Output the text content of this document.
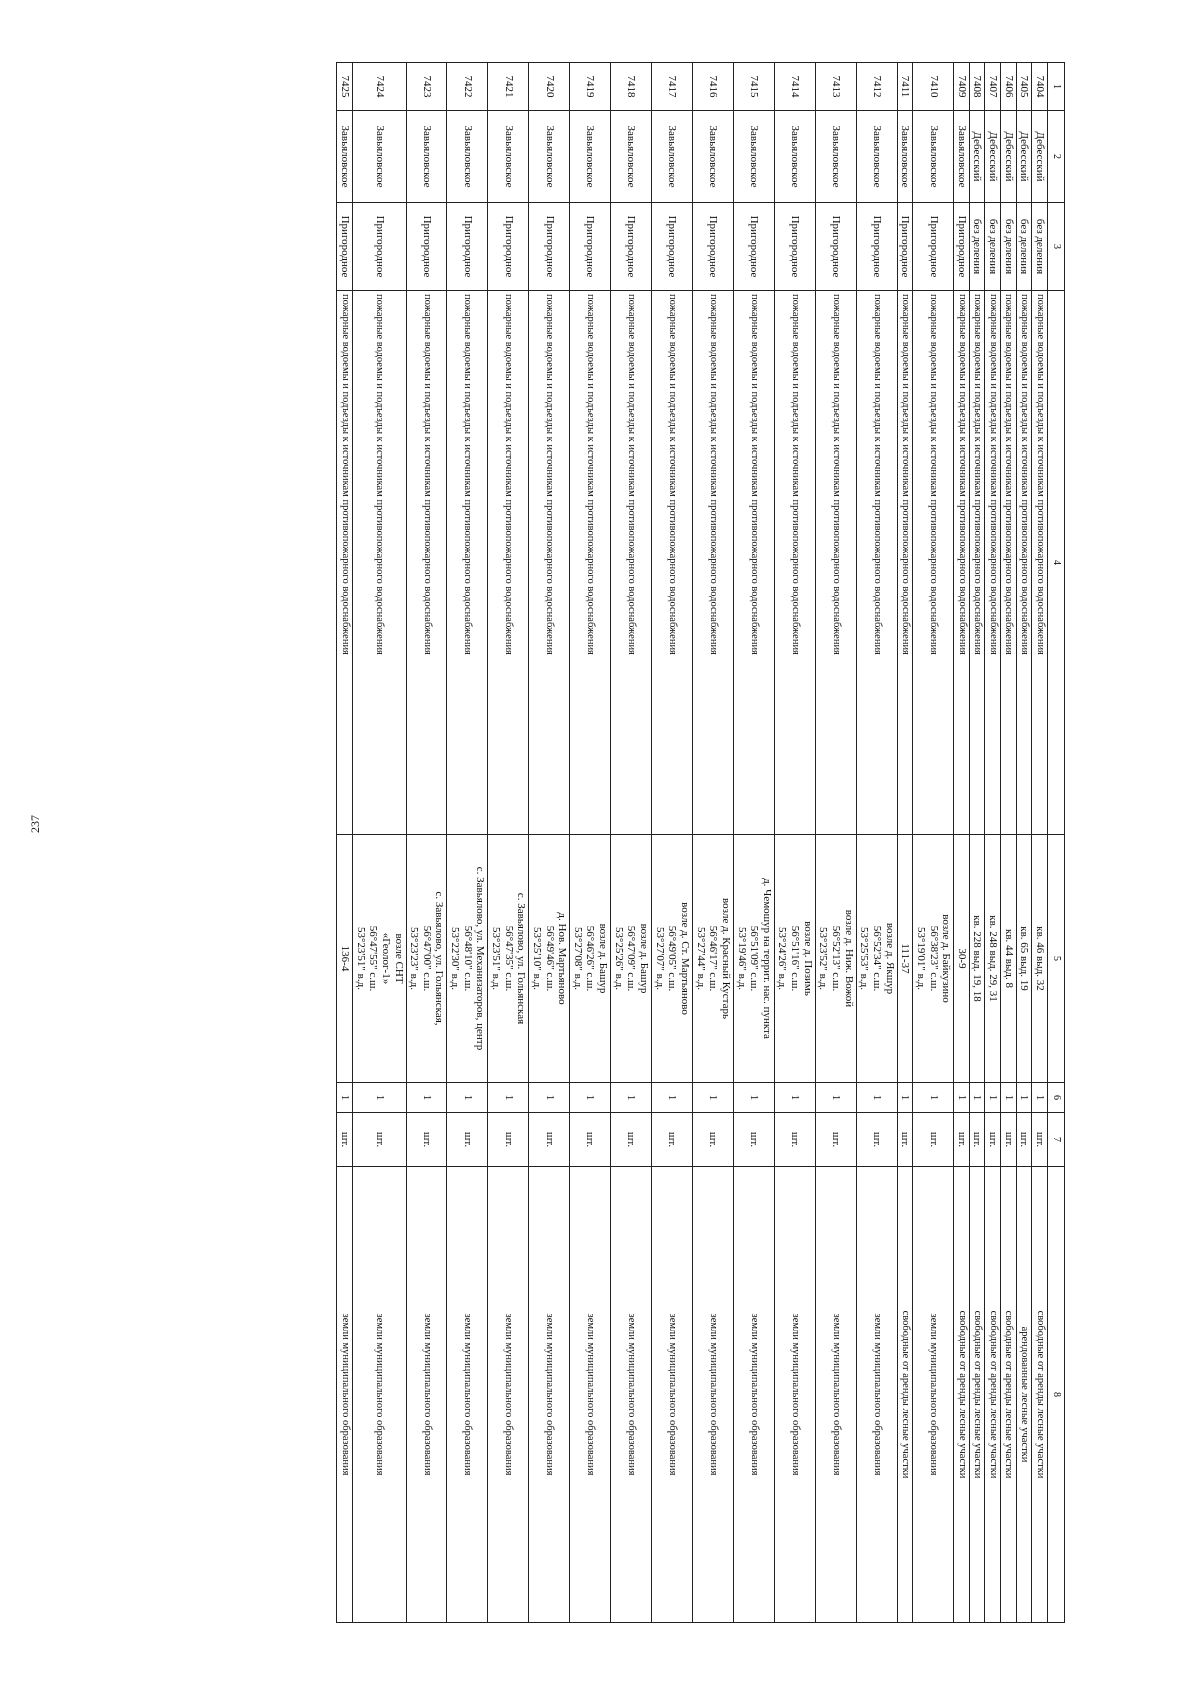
237
1	2	3	4	5	6	7	8
7404	Дебесский	без деления	пожарные водоемы и подъезды к источникам противопожарного водоснабжения	кв. 46 выд. 32	1	шт.	свободные от аренды лесные участки
7405	Дебесский	без деления	пожарные водоемы и подъезды к источникам противопожарного водоснабжения	кв. 65 выд. 19	1	шт.	арендованные лесные участки
7406	Дебесский	без деления	пожарные водоемы и подъезды к источникам противопожарного водоснабжения	кв. 44 выд. 8	1	шт.	свободные от аренды лесные участки
7407	Дебесский	без деления	пожарные водоемы и подъезды к источникам противопожарного водоснабжения	кв. 248 выд. 29, 31	1	шт.	свободные от аренды лесные участки
7408	Дебесский	без деления	пожарные водоемы и подъезды к источникам противопожарного водоснабжения	кв. 228 выд. 19, 18	1	шт.	свободные от аренды лесные участки
7409	Завьяловское	Пригородное	пожарные водоемы и подъезды к источникам противопожарного водоснабжения	30-9	1	шт.	свободные от аренды лесные участки
7410	Завьяловское	Пригородное	пожарные водоемы и подъезды к источникам противопожарного водоснабжения	возле д. Байкузино
56°38'23" с.ш.
53°19'01" в.д.	1	шт.	земли муниципального образования
7411	Завьяловское	Пригородное	пожарные водоемы и подъезды к источникам противопожарного водоснабжения	111-37	1	шт.	свободные от аренды лесные участки
7412	Завьяловское	Пригородное	пожарные водоемы и подъезды к источникам противопожарного водоснабжения	возле д. Якшур
56°52'34" с.ш.
53°25'53" в.д.	1	шт.	земли муниципального образования
7413	Завьяловское	Пригородное	пожарные водоемы и подъезды к источникам противопожарного водоснабжения	возле д. Ниж. Вожой
56°52'13" с.ш.
53°23'52" в.д.	1	шт.	земли муниципального образования
7414	Завьяловское	Пригородное	пожарные водоемы и подъезды к источникам противопожарного водоснабжения	возле д. Позимь
56°51'16" с.ш.
53°24'26" в.д.	1	шт.	земли муниципального образования
7415	Завьяловское	Пригородное	пожарные водоемы и подъезды к источникам противопожарного водоснабжения	д. Чемошур на террит. нас. пункта
56°51'09" с.ш.
53°19'46" в.д.	1	шт.	земли муниципального образования
7416	Завьяловское	Пригородное	пожарные водоемы и подъезды к источникам противопожарного водоснабжения	возле д. Красный Кустарь
56°46'17" с.ш.
53°27'44" в.д.	1	шт.	земли муниципального образования
7417	Завьяловское	Пригородное	пожарные водоемы и подъезды к источникам противопожарного водоснабжения	возле д. Ст. Мартьяново
56°49'05" с.ш.
53°27'07" в.д.	1	шт.	земли муниципального образования
7418	Завьяловское	Пригородное	пожарные водоемы и подъезды к источникам противопожарного водоснабжения	возле д. Башур
56°47'09" с.ш.
53°25'26" в.д.	1	шт.	земли муниципального образования
7419	Завьяловское	Пригородное	пожарные водоемы и подъезды к источникам противопожарного водоснабжения	возле д. Башур
56°46'26" с.ш.
53°27'08" в.д.	1	шт.	земли муниципального образования
7420	Завьяловское	Пригородное	пожарные водоемы и подъезды к источникам противопожарного водоснабжения	д. Нов. Мартьяново
56°49'46" с.ш.
53°25'10" в.д.	1	шт.	земли муниципального образования
7421	Завьяловское	Пригородное	пожарные водоемы и подъезды к источникам противопожарного водоснабжения	с. Завьялово, ул. Гольянская
56°47'35" с.ш.
53°23'51" в.д.	1	шт.	земли муниципального образования
7422	Завьяловское	Пригородное	пожарные водоемы и подъезды к источникам противопожарного водоснабжения	с. Завьялово, ул. Механизаторов, центр
56°48'10" с.ш.
53°22'30" в.д.	1	шт.	земли муниципального образования
7423	Завьяловское	Пригородное	пожарные водоемы и подъезды к источникам противопожарного водоснабжения	с. Завьялово, ул. Гольянская,
56°47'00" с.ш.
53°23'23" в.д.	1	шт.	земли муниципального образования
7424	Завьяловское	Пригородное	пожарные водоемы и подъезды к источникам противопожарного водоснабжения	возле СНТ
«Геолог-1»
56°47'55" с.ш.
53°23'51" в.д.	1	шт.	земли муниципального образования
7425	Завьяловское	Пригородное	пожарные водоемы и подъезды к источникам противопожарного водоснабжения	136-4	1	шт.	земли муниципального образования
